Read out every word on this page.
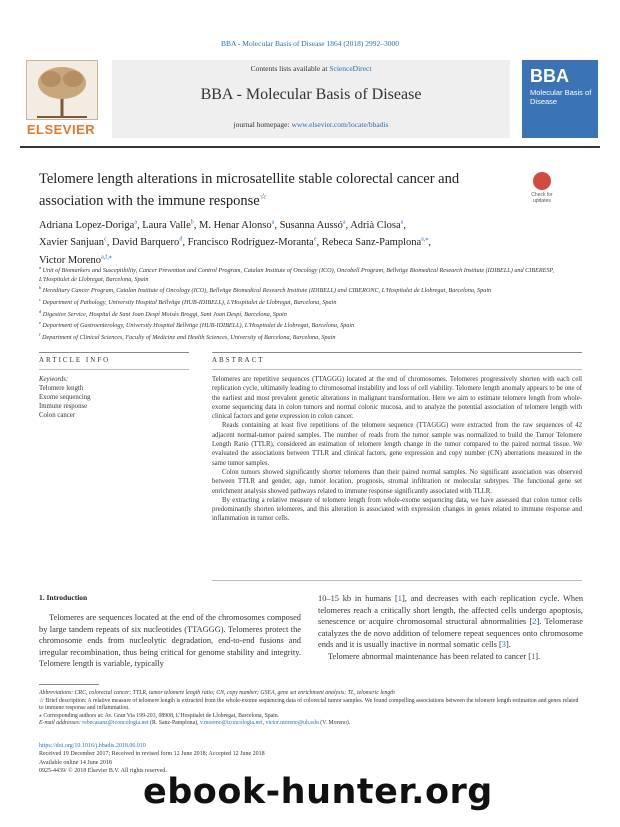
BBA - Molecular Basis of Disease 1864 (2018) 2992–3000
ELSEVIER
Contents lists available at ScienceDirect
BBA - Molecular Basis of Disease
journal homepage: www.elsevier.com/locate/bbadis
BBA
Molecular Basis of Disease
Telomere length alterations in microsatellite stable colorectal cancer and association with the immune response☆	Check for updates
Adriana Lopez-Doriga$^a$, Laura Valle$^b$, M. Henar Alonso$^a$, Susanna Aussó$^a$, Adrià Closa$^a$,
Xavier Sanjuan$^c$, David Barquero$^d$, Francisco Rodríguez-Moranta$^e$, Rebeca Sanz-Pamplona$^{a,⁎}$,
Victor Moreno$^{a,f,⁎}$
$^a$ Unit of Biomarkers and Susceptibility, Cancer Prevention and Control Program, Catalan Institute of Oncology (ICO), Oncobell Program, Bellvitge Biomedical Research Institute (IDIBELL) and CIBERESP, L'Hospitalet de Llobregat, Barcelona, Spain
$^b$ Hereditary Cancer Program, Catalan Institute of Oncology (ICO), Bellvitge Biomedical Research Institute (IDIBELL) and CIBERONC, L'Hospitalet de Llobregat, Barcelona, Spain
$^c$ Department of Pathology, University Hospital Bellvitge (HUB-IDIBELL), L'Hospitalet de Llobregat, Barcelona, Spain
$^d$ Digestive Service, Hospital de Sant Joan Despí Moisès Broggi, Sant Joan Despí, Barcelona, Spain
$^e$ Department of Gastroenterology, University Hospital Bellvitge (HUB-IDIBELL), L'Hospitalet de Llobregat, Barcelona, Spain
$^f$ Department of Clinical Sciences, Faculty of Medicine and Health Sciences, University of Barcelona, Barcelona, Spain
ARTICLE INFO	ABSTRACT
Keywords:
Telomere length
Exome sequencing
Immune response
Colon cancer

Telomeres are repetitive sequences (TTAGGG) located at the end of chromosomes. Telomeres progressively shorten with each cell replication cycle, ultimately leading to chromosomal instability and loss of cell viability. Telomere length anomaly appears to be one of the earliest and most prevalent genetic alterations in malignant transformation. Here we aim to estimate telomere length from whole-exome sequencing data in colon tumors and normal colonic mucosa, and to analyze the potential association of telomere length with clinical factors and gene expression in colon cancer.

Reads containing at least five repetitions of the telomere sequence (TTAGGG) were extracted from the raw sequences of 42 adjacent normal-tumor paired samples. The number of reads from the tumor sample was normalized to build the Tumor Telomere Length Ratio (TTLR), considered an estimation of telomere length change in the tumor compared to the paired normal tissue. We evaluated the associations between TTLR and clinical factors, gene expression and copy number (CN) aberrations measured in the same tumor samples.

Colon tumors showed significantly shorter telomeres than their paired normal samples. No significant association was observed between TTLR and gender, age, tumor location, prognosis, stromal infiltration or molecular subtypes. The functional gene set enrichment analysis showed pathways related to immune response significantly associated with TLLR.

By extracting a relative measure of telomere length from whole-exome sequencing data, we have assessed that colon tumor cells predominantly shorten telomeres, and this alteration is associated with expression changes in genes related to immune response and inflammation in tumor cells.

1. Introduction

Telomeres are sequences located at the end of the chromosomes composed by large tandem repeats of six nucleotides (TTAGGG). Telomeres protect the chromosome ends from nucleolytic degradation, end-to-end fusions and irregular recombination, thus being critical for genome stability and integrity. Telomere length is variable, typically

10–15 kb in humans [1], and decreases with each replication cycle. When telomeres reach a critically short length, the affected cells undergo apoptosis, senescence or acquire chromosomal structural abnormalities [2]. Telomerase catalyzes the de novo addition of telomere repeat sequences onto chromosome ends and it is usually inactive in normal somatic cells [3].

Telomere abnormal maintenance has been related to cancer [1].

Abbreviations: CRC, colorectal cancer; TTLR, tumor telomere length ratio; CN, copy number; GSEA, gene set enrichment analysis; TL, telomeric length
☆ Brief description: A relative measure of telomere length is extracted from the whole-exome sequencing data of colorectal tumor samples. We found compelling associations between the telomere length estimation and genes related to immune response and inflammation.
⁎ Corresponding authors at: Av. Gran Via 199-203, 08908, L'Hospitalet de Llobregat, Barcelona, Spain.
E-mail addresses: rebecasanz@iconcologia.net (R. Sanz-Pamplona), v.moreno@iconcologia.net, victor.moreno@ub.edu (V. Moreno).
https://doi.org/10.1016/j.bbadis.2018.06.010
Received 19 December 2017; Received in revised form 12 June 2018; Accepted 12 June 2018
Available online 14 June 2018
0925-4439/ © 2018 Elsevier B.V. All rights reserved.
ebook-hunter.org
